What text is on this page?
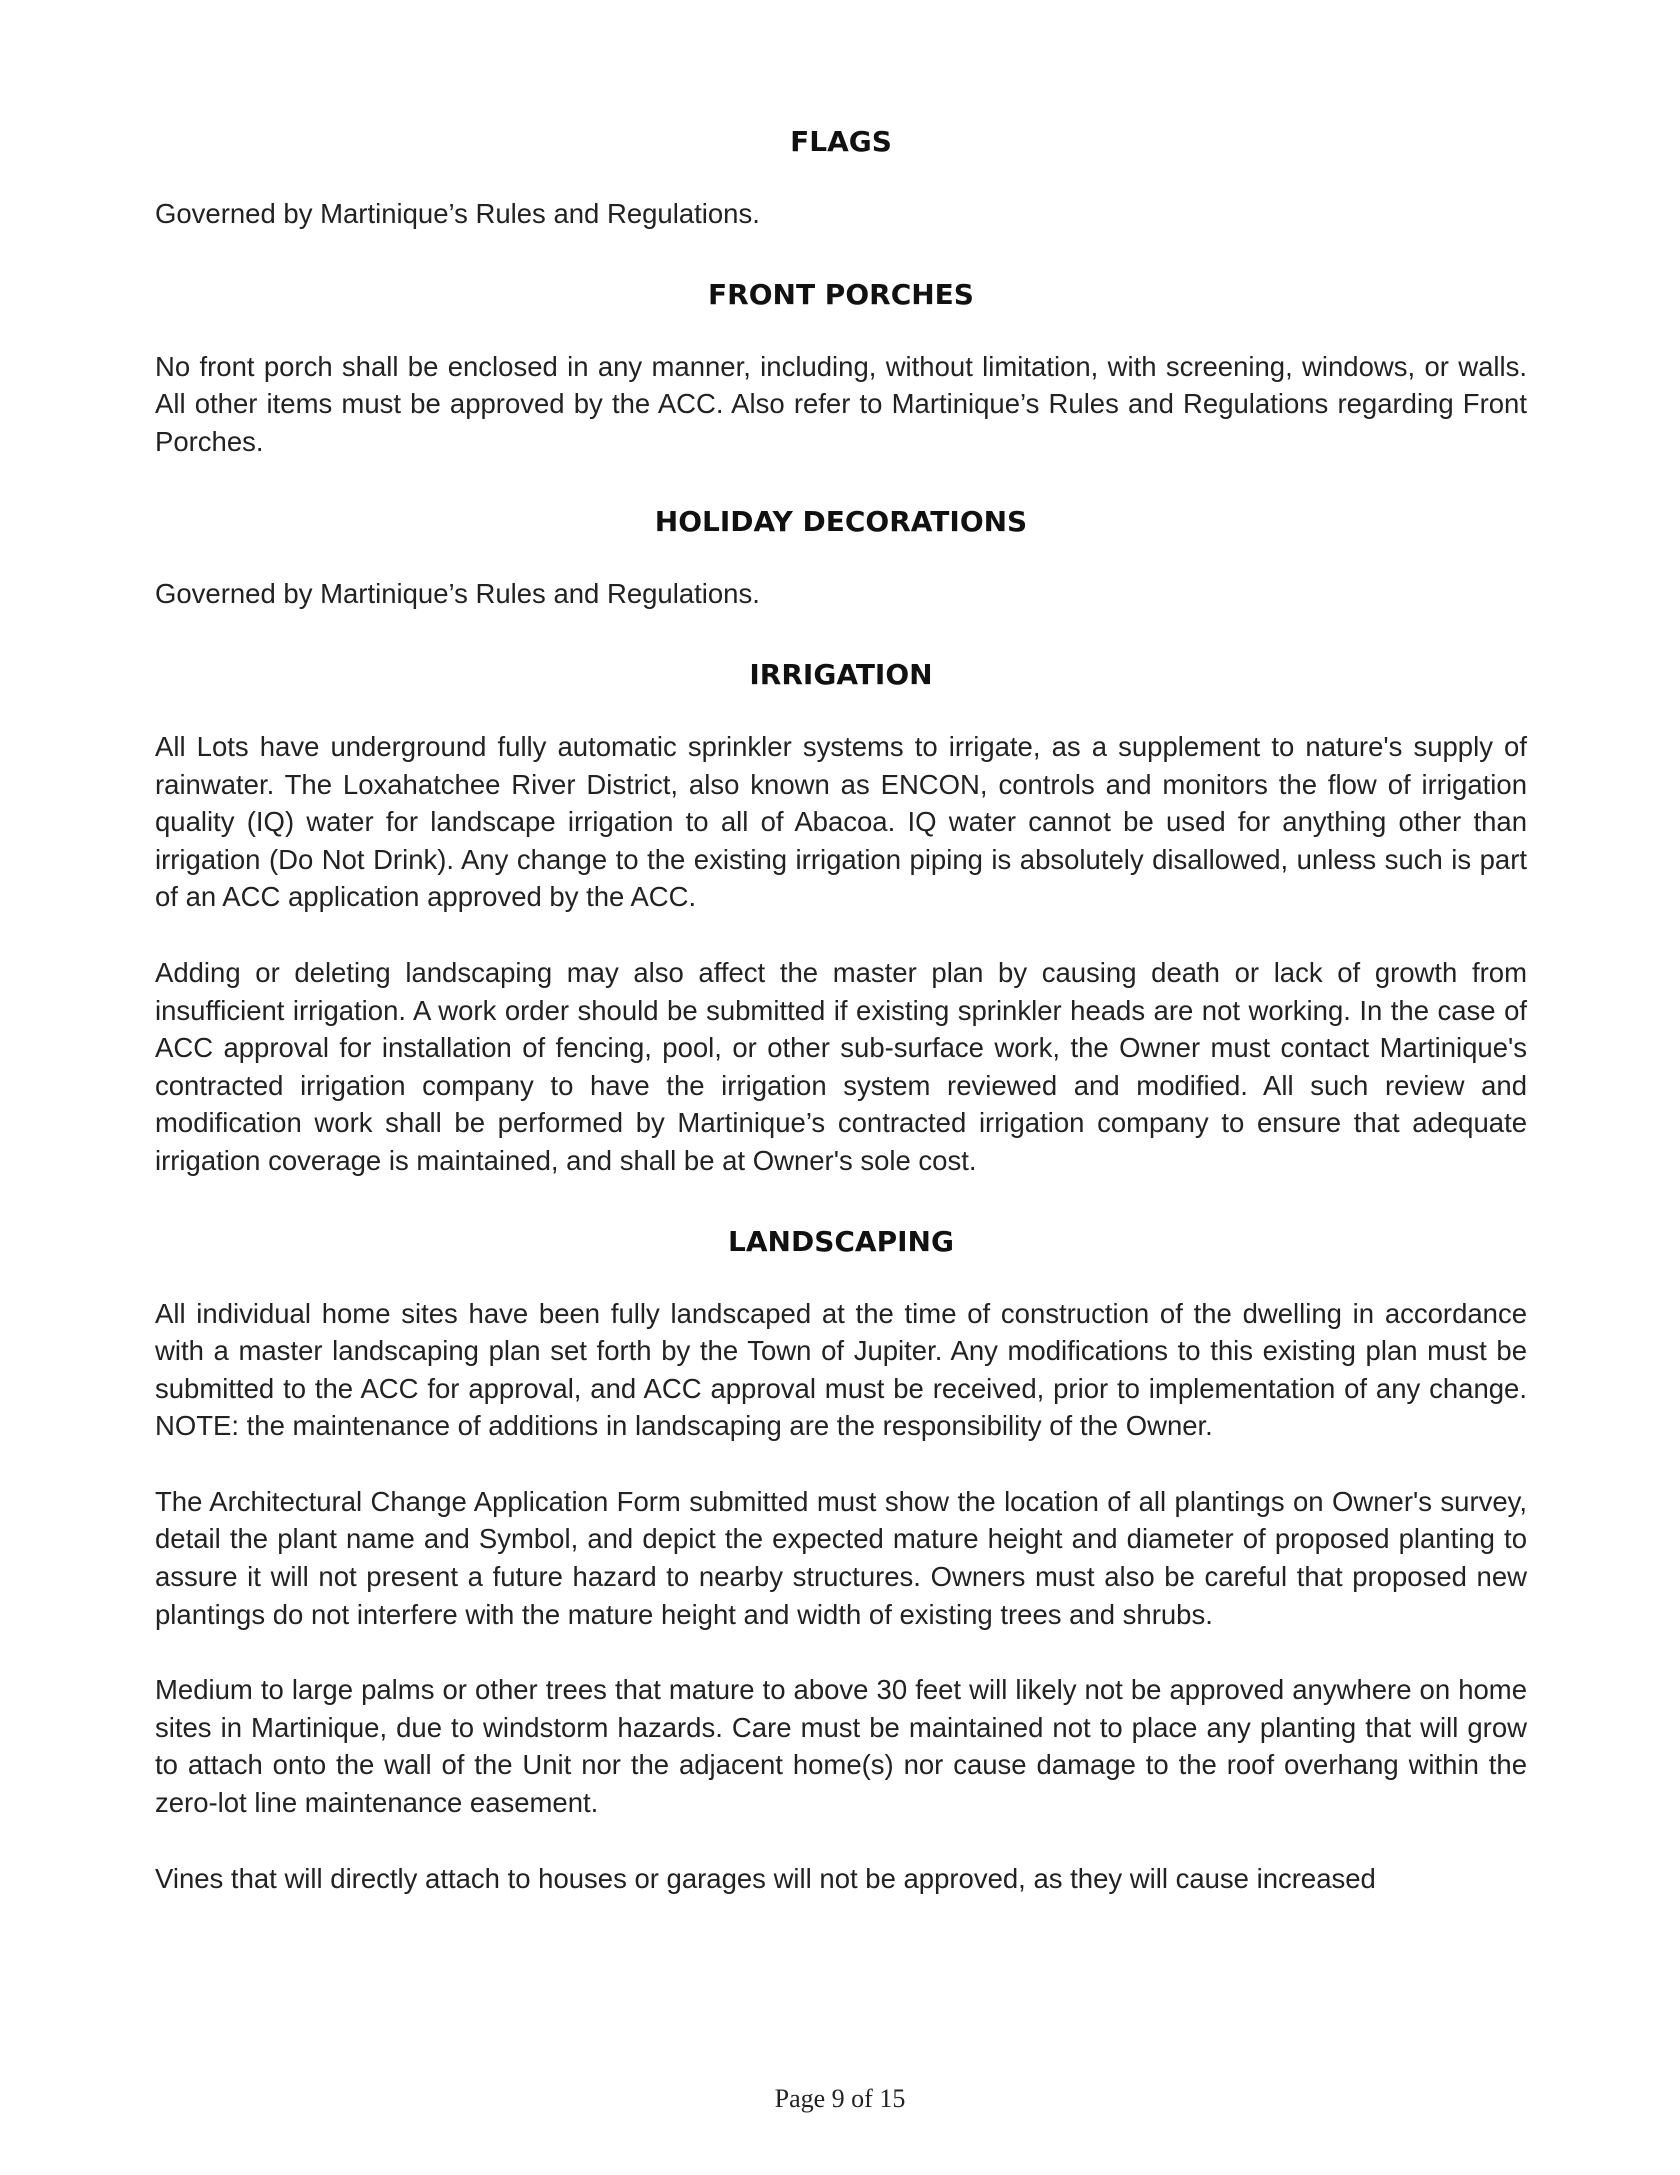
FLAGS

Governed by Martinique’s Rules and Regulations.

FRONT PORCHES

No front porch shall be enclosed in any manner, including, without limitation, with screening, windows, or walls. All other items must be approved by the ACC. Also refer to Martinique’s Rules and Regulations regarding Front Porches.

HOLIDAY DECORATIONS

Governed by Martinique’s Rules and Regulations.

IRRIGATION

All Lots have underground fully automatic sprinkler systems to irrigate, as a supplement to nature's supply of rainwater. The Loxahatchee River District, also known as ENCON, controls and monitors the flow of irrigation quality (IQ) water for landscape irrigation to all of Abacoa. IQ water cannot be used for anything other than irrigation (Do Not Drink). Any change to the existing irrigation piping is absolutely disallowed, unless such is part of an ACC application approved by the ACC.

Adding or deleting landscaping may also affect the master plan by causing death or lack of growth from insufficient irrigation. A work order should be submitted if existing sprinkler heads are not working. In the case of ACC approval for installation of fencing, pool, or other sub-surface work, the Owner must contact Martinique's contracted irrigation company to have the irrigation system reviewed and modified. All such review and modification work shall be performed by Martinique’s contracted irrigation company to ensure that adequate irrigation coverage is maintained, and shall be at Owner's sole cost.

LANDSCAPING

All individual home sites have been fully landscaped at the time of construction of the dwelling in accordance with a master landscaping plan set forth by the Town of Jupiter. Any modifications to this existing plan must be submitted to the ACC for approval, and ACC approval must be received, prior to implementation of any change. NOTE: the maintenance of additions in landscaping are the responsibility of the Owner.

The Architectural Change Application Form submitted must show the location of all plantings on Owner's survey, detail the plant name and Symbol, and depict the expected mature height and diameter of proposed planting to assure it will not present a future hazard to nearby structures. Owners must also be careful that proposed new plantings do not interfere with the mature height and width of existing trees and shrubs.

Medium to large palms or other trees that mature to above 30 feet will likely not be approved anywhere on home sites in Martinique, due to windstorm hazards. Care must be maintained not to place any planting that will grow to attach onto the wall of the Unit nor the adjacent home(s) nor cause damage to the roof overhang within the zero-lot line maintenance easement.

Vines that will directly attach to houses or garages will not be approved, as they will cause increased

Page 9 of 15
